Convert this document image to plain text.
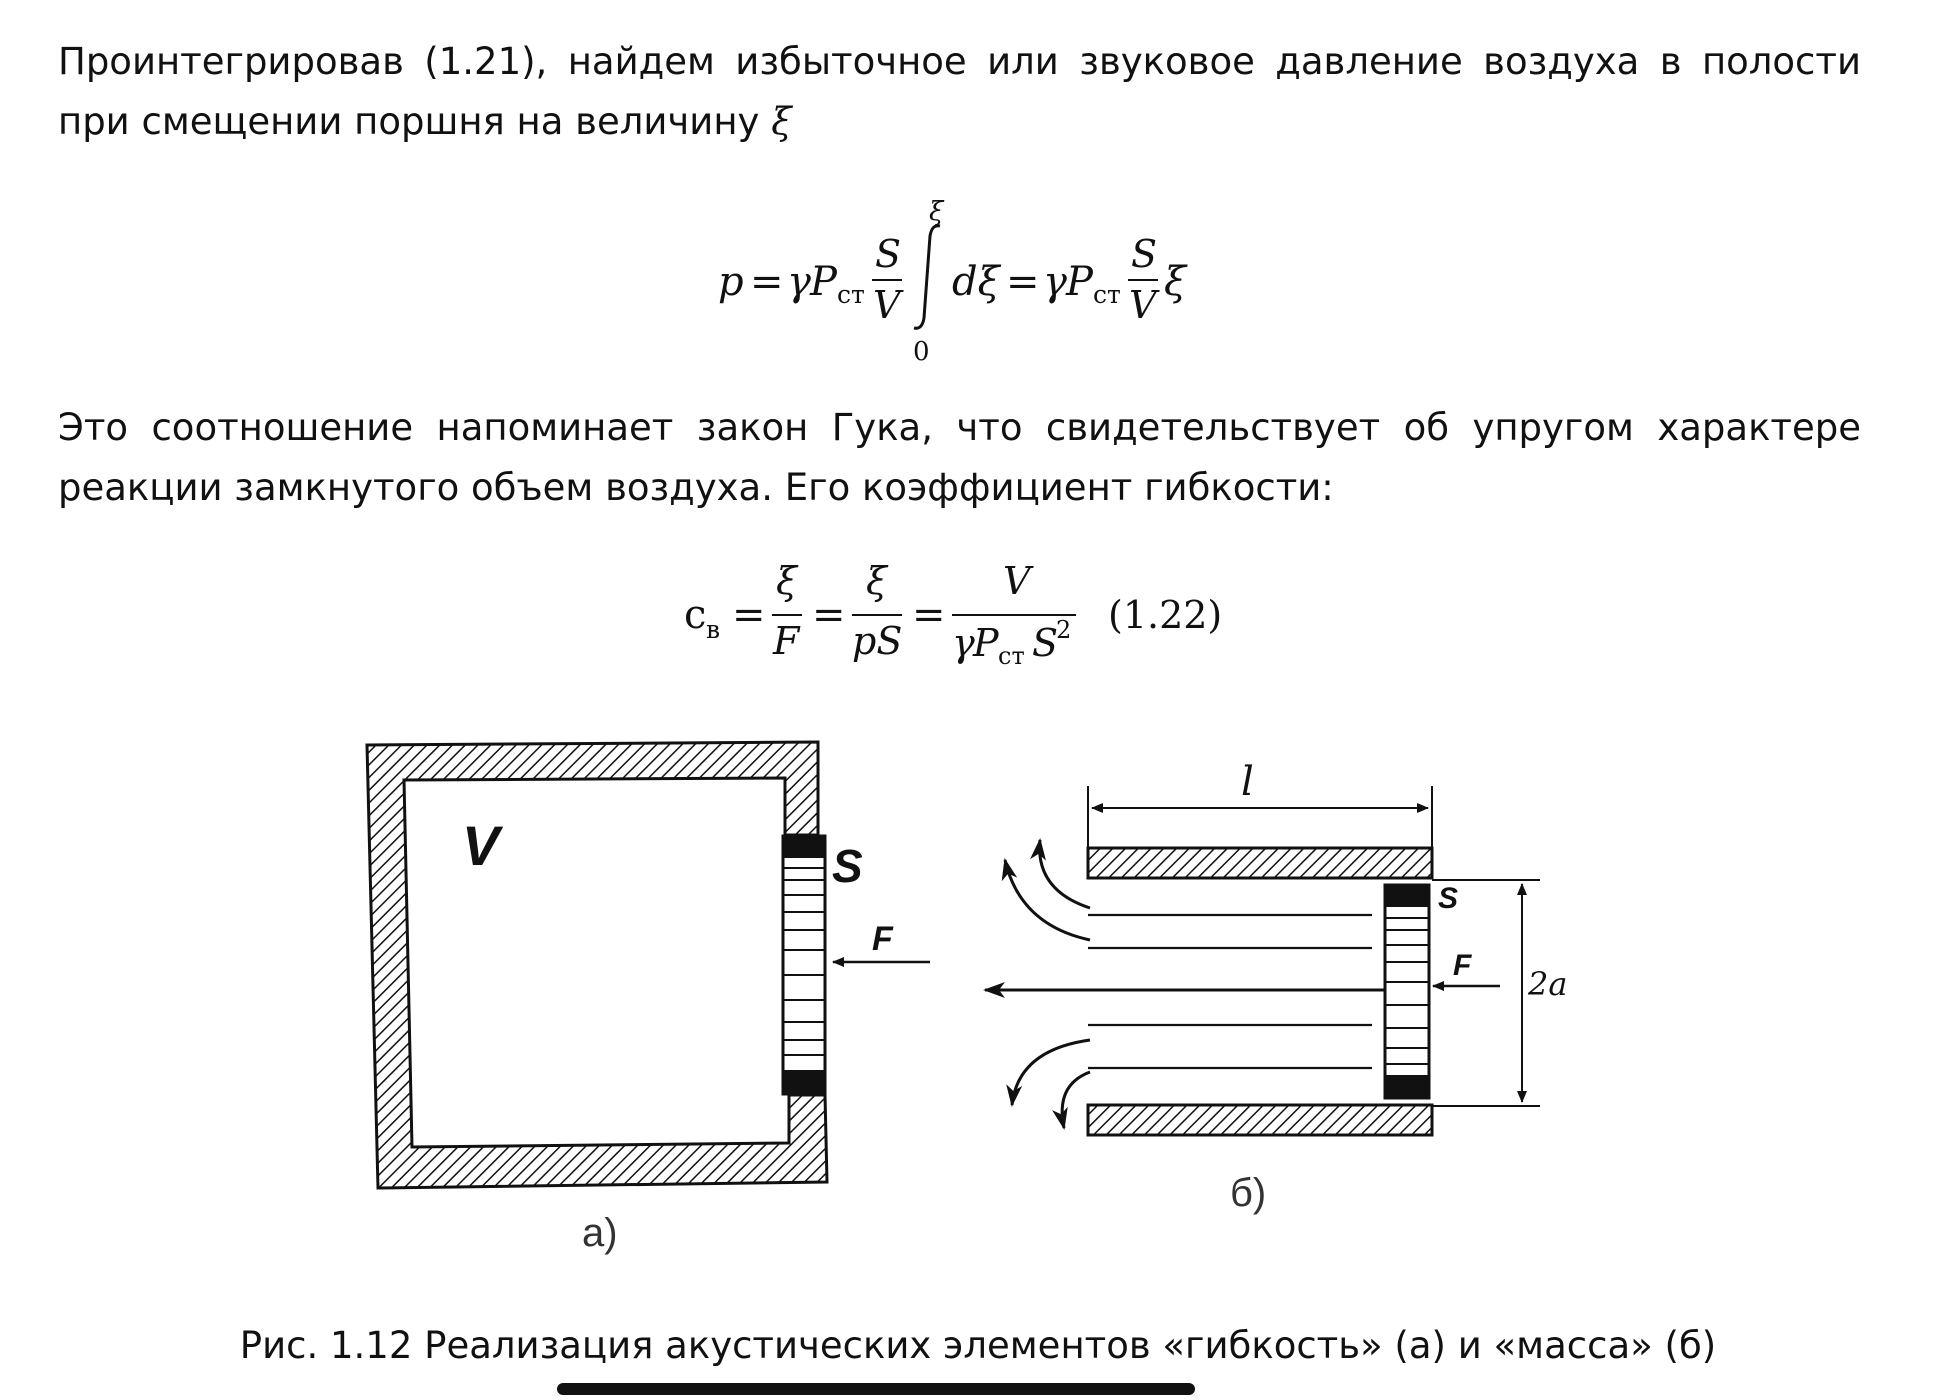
Проинтегрировав (1.21), найдем избыточное или звуковое давление воздуха в полости при смещении поршня на величину ξ

p = γ P ст
S
V
ξ
0
dξ = γ P ст
S
V ξ

Это соотношение напоминает закон Гука, что свидетельствует об упругом характере реакции замкнутого объем воздуха. Его коэффициент гибкости:

с в =
ξ
F
=
ξ
pS
=
V
γ
P ст S
2 (1.22)
V	S
F
а)
l
S
F 2a
б)
Рис. 1.12 Реализация акустических элементов «гибкость» (а) и «масса» (б)
